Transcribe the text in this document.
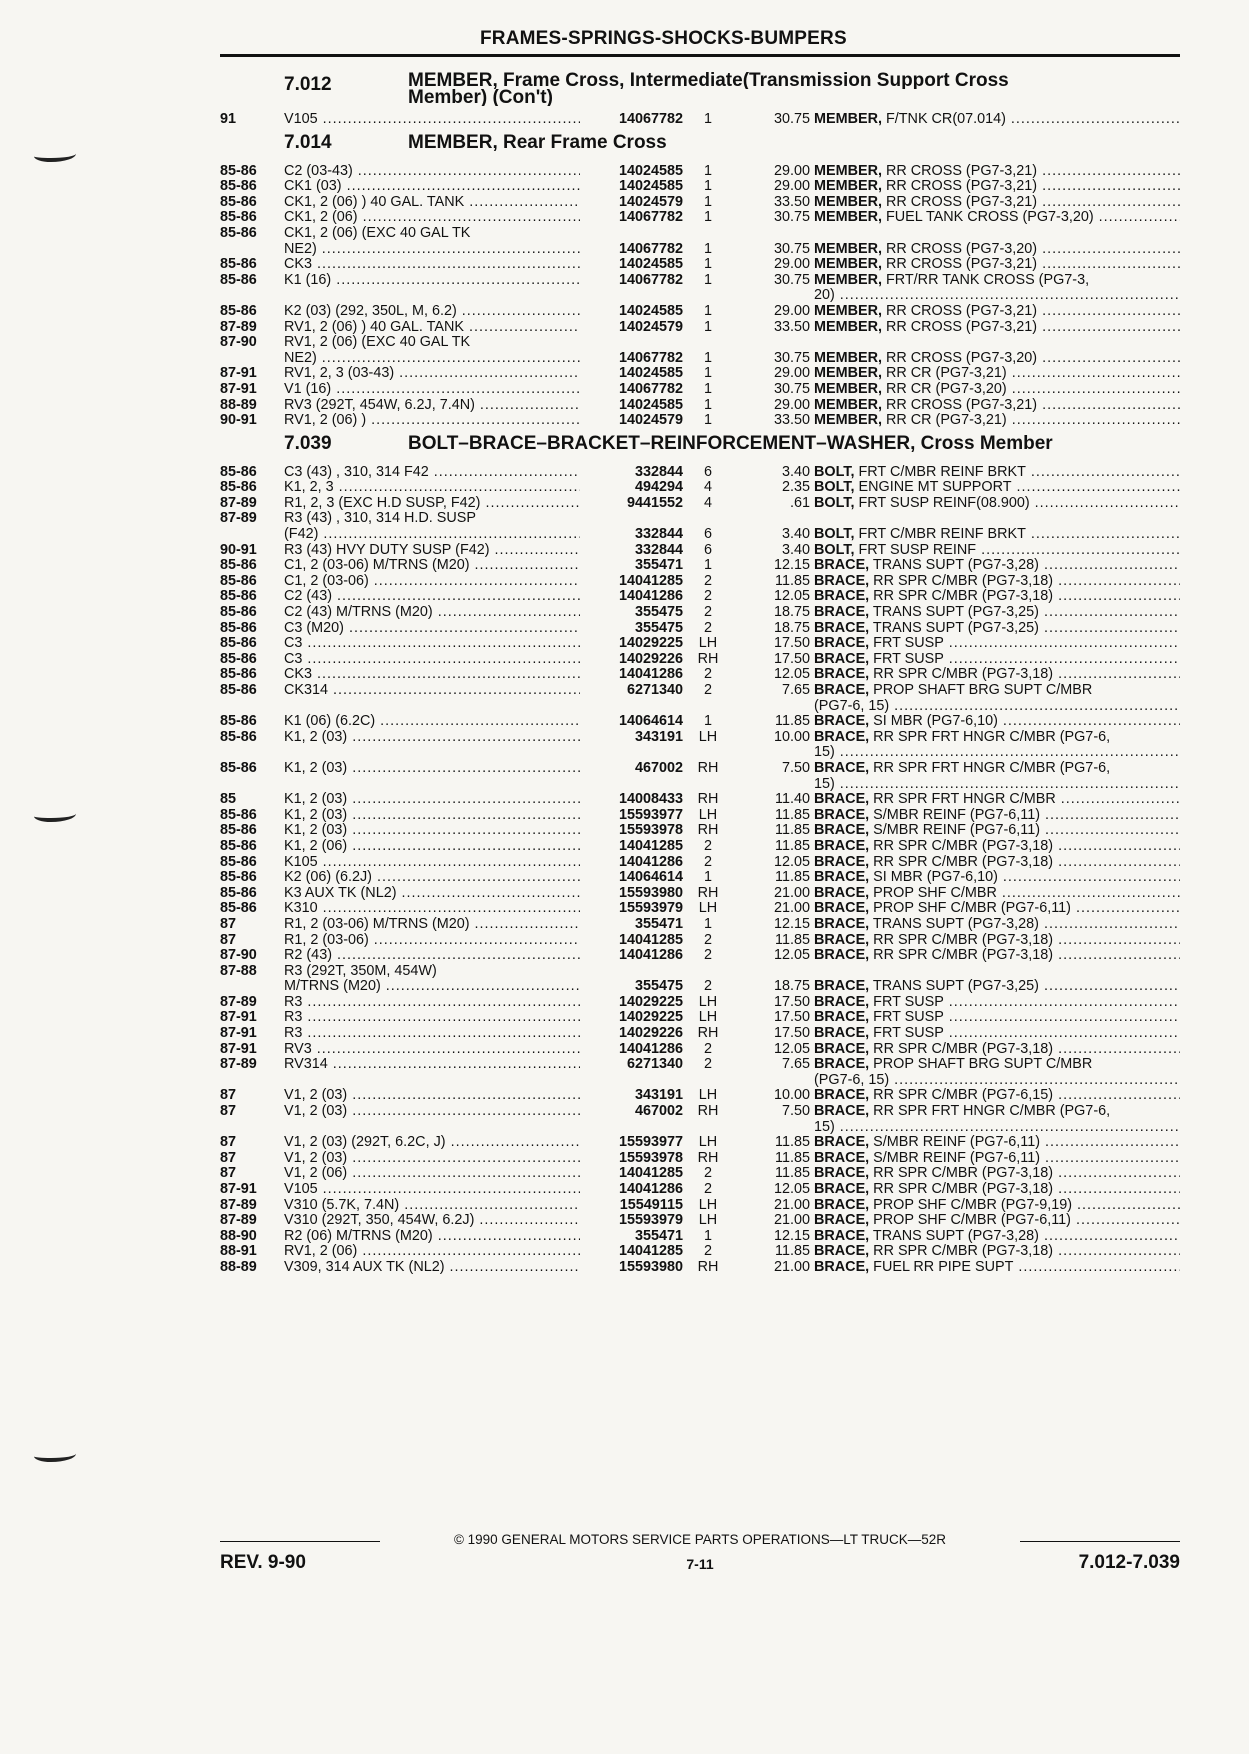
FRAMES-SPRINGS-SHOCKS-BUMPERS
7.012	MEMBER, Frame Cross, Intermediate(Transmission Support Cross
Member) (Con't)
91	V105 .....	14067782	1	30.75 MEMBER, F/TNK CR(07.014) .....
7.014	MEMBER, Rear Frame Cross
85-86	C2 (03-43) .....	14024585	1	29.00 MEMBER, RR CROSS (PG7-3,21) .....
85-86	CK1 (03) .....	14024585	1	29.00 MEMBER, RR CROSS (PG7-3,21) .....
85-86	CK1, 2 (06) ) 40 GAL. TANK .....	14024579	1	33.50 MEMBER, RR CROSS (PG7-3,21) .....
85-86	CK1, 2 (06) .....	14067782	1	30.75 MEMBER, FUEL TANK CROSS (PG7-3,20) .....
85-86	CK1, 2 (06) (EXC 40 GAL TK
NE2) .....	14067782	1	30.75 MEMBER, RR CROSS (PG7-3,20) .....
85-86	CK3 .....	14024585	1	29.00 MEMBER, RR CROSS (PG7-3,21) .....
85-86	K1 (16) .....	14067782	1	30.75 MEMBER, FRT/RR TANK CROSS (PG7-3,
20) .....
85-86	K2 (03) (292, 350L, M, 6.2) .....	14024585	1	29.00 MEMBER, RR CROSS (PG7-3,21) .....
87-89	RV1, 2 (06) ) 40 GAL. TANK .....	14024579	1	33.50 MEMBER, RR CROSS (PG7-3,21) .....
87-90	RV1, 2 (06) (EXC 40 GAL TK
NE2) .....	14067782	1	30.75 MEMBER, RR CROSS (PG7-3,20) .....
87-91	RV1, 2, 3 (03-43) .....	14024585	1	29.00 MEMBER, RR CR (PG7-3,21) .....
87-91	V1 (16) .....	14067782	1	30.75 MEMBER, RR CR (PG7-3,20) .....
88-89	RV3 (292T, 454W, 6.2J, 7.4N) .....	14024585	1	29.00 MEMBER, RR CROSS (PG7-3,21) .....
90-91	RV1, 2 (06) ) .....	14024579	1	33.50 MEMBER, RR CR (PG7-3,21) .....
7.039	BOLT–BRACE–BRACKET–REINFORCEMENT–WASHER, Cross Member
85-86	C3 (43) , 310, 314 F42 .....	332844	6	3.40 BOLT, FRT C/MBR REINF BRKT .....
85-86	K1, 2, 3 .....	494294	4	2.35 BOLT, ENGINE MT SUPPORT .....
87-89	R1, 2, 3 (EXC H.D SUSP, F42) .....	9441552	4	.61 BOLT, FRT SUSP REINF(08.900) .....
87-89	R3 (43) , 310, 314 H.D. SUSP
(F42) .....	332844	6	3.40 BOLT, FRT C/MBR REINF BRKT .....
90-91	R3 (43) HVY DUTY SUSP (F42) .....	332844	6	3.40 BOLT, FRT SUSP REINF .....
85-86	C1, 2 (03-06) M/TRNS (M20) .....	355471	1	12.15 BRACE, TRANS SUPT (PG7-3,28) .....
85-86	C1, 2 (03-06) .....	14041285	2	11.85 BRACE, RR SPR C/MBR (PG7-3,18) .....
85-86	C2 (43) .....	14041286	2	12.05 BRACE, RR SPR C/MBR (PG7-3,18) .....
85-86	C2 (43) M/TRNS (M20) .....	355475	2	18.75 BRACE, TRANS SUPT (PG7-3,25) .....
85-86	C3 (M20) .....	355475	2	18.75 BRACE, TRANS SUPT (PG7-3,25) .....
85-86	C3 .....	14029225	LH	17.50 BRACE, FRT SUSP .....
85-86	C3 .....	14029226	RH	17.50 BRACE, FRT SUSP .....
85-86	CK3 .....	14041286	2	12.05 BRACE, RR SPR C/MBR (PG7-3,18) .....
85-86	CK314 .....	6271340	2	7.65 BRACE, PROP SHAFT BRG SUPT C/MBR
(PG7-6, 15) .....
85-86	K1 (06) (6.2C) .....	14064614	1	11.85 BRACE, SI MBR (PG7-6,10) .....
85-86	K1, 2 (03) .....	343191	LH	10.00 BRACE, RR SPR FRT HNGR C/MBR (PG7-6,
15) .....
85-86	K1, 2 (03) .....	467002	RH	7.50 BRACE, RR SPR FRT HNGR C/MBR (PG7-6,
15) .....
85	K1, 2 (03) .....	14008433	RH	11.40 BRACE, RR SPR FRT HNGR C/MBR .....
85-86	K1, 2 (03) .....	15593977	LH	11.85 BRACE, S/MBR REINF (PG7-6,11) .....
85-86	K1, 2 (03) .....	15593978	RH	11.85 BRACE, S/MBR REINF (PG7-6,11) .....
85-86	K1, 2 (06) .....	14041285	2	11.85 BRACE, RR SPR C/MBR (PG7-3,18) .....
85-86	K105 .....	14041286	2	12.05 BRACE, RR SPR C/MBR (PG7-3,18) .....
85-86	K2 (06) (6.2J) .....	14064614	1	11.85 BRACE, SI MBR (PG7-6,10) .....
85-86	K3 AUX TK (NL2) .....	15593980	RH	21.00 BRACE, PROP SHF C/MBR .....
85-86	K310 .....	15593979	LH	21.00 BRACE, PROP SHF C/MBR (PG7-6,11) .....
87	R1, 2 (03-06) M/TRNS (M20) .....	355471	1	12.15 BRACE, TRANS SUPT (PG7-3,28) .....
87	R1, 2 (03-06) .....	14041285	2	11.85 BRACE, RR SPR C/MBR (PG7-3,18) .....
87-90	R2 (43) .....	14041286	2	12.05 BRACE, RR SPR C/MBR (PG7-3,18) .....
87-88	R3 (292T, 350M, 454W)
M/TRNS (M20) .....	355475	2	18.75 BRACE, TRANS SUPT (PG7-3,25) .....
87-89	R3 .....	14029225	LH	17.50 BRACE, FRT SUSP .....
87-91	R3 .....	14029225	LH	17.50 BRACE, FRT SUSP .....
87-91	R3 .....	14029226	RH	17.50 BRACE, FRT SUSP .....
87-91	RV3 .....	14041286	2	12.05 BRACE, RR SPR C/MBR (PG7-3,18) .....
87-89	RV314 .....	6271340	2	7.65 BRACE, PROP SHAFT BRG SUPT C/MBR
(PG7-6, 15) .....
87	V1, 2 (03) .....	343191	LH	10.00 BRACE, RR SPR C/MBR (PG7-6,15) .....
87	V1, 2 (03) .....	467002	RH	7.50 BRACE, RR SPR FRT HNGR C/MBR (PG7-6,
15) .....
87	V1, 2 (03) (292T, 6.2C, J) .....	15593977	LH	11.85 BRACE, S/MBR REINF (PG7-6,11) .....
87	V1, 2 (03) .....	15593978	RH	11.85 BRACE, S/MBR REINF (PG7-6,11) .....
87	V1, 2 (06) .....	14041285	2	11.85 BRACE, RR SPR C/MBR (PG7-3,18) .....
87-91	V105 .....	14041286	2	12.05 BRACE, RR SPR C/MBR (PG7-3,18) .....
87-89	V310 (5.7K, 7.4N) .....	15549115	LH	21.00 BRACE, PROP SHF C/MBR (PG7-9,19) .....
87-89	V310 (292T, 350, 454W, 6.2J) .....	15593979	LH	21.00 BRACE, PROP SHF C/MBR (PG7-6,11) .....
88-90	R2 (06) M/TRNS (M20) .....	355471	1	12.15 BRACE, TRANS SUPT (PG7-3,28) .....
88-91	RV1, 2 (06) .....	14041285	2	11.85 BRACE, RR SPR C/MBR (PG7-3,18) .....
88-89	V309, 314 AUX TK (NL2) .....	15593980	RH	21.00 BRACE, FUEL RR PIPE SUPT .....
© 1990 GENERAL MOTORS SERVICE PARTS OPERATIONS—LT TRUCK—52R
REV. 9-90	7-11	7.012-7.039
